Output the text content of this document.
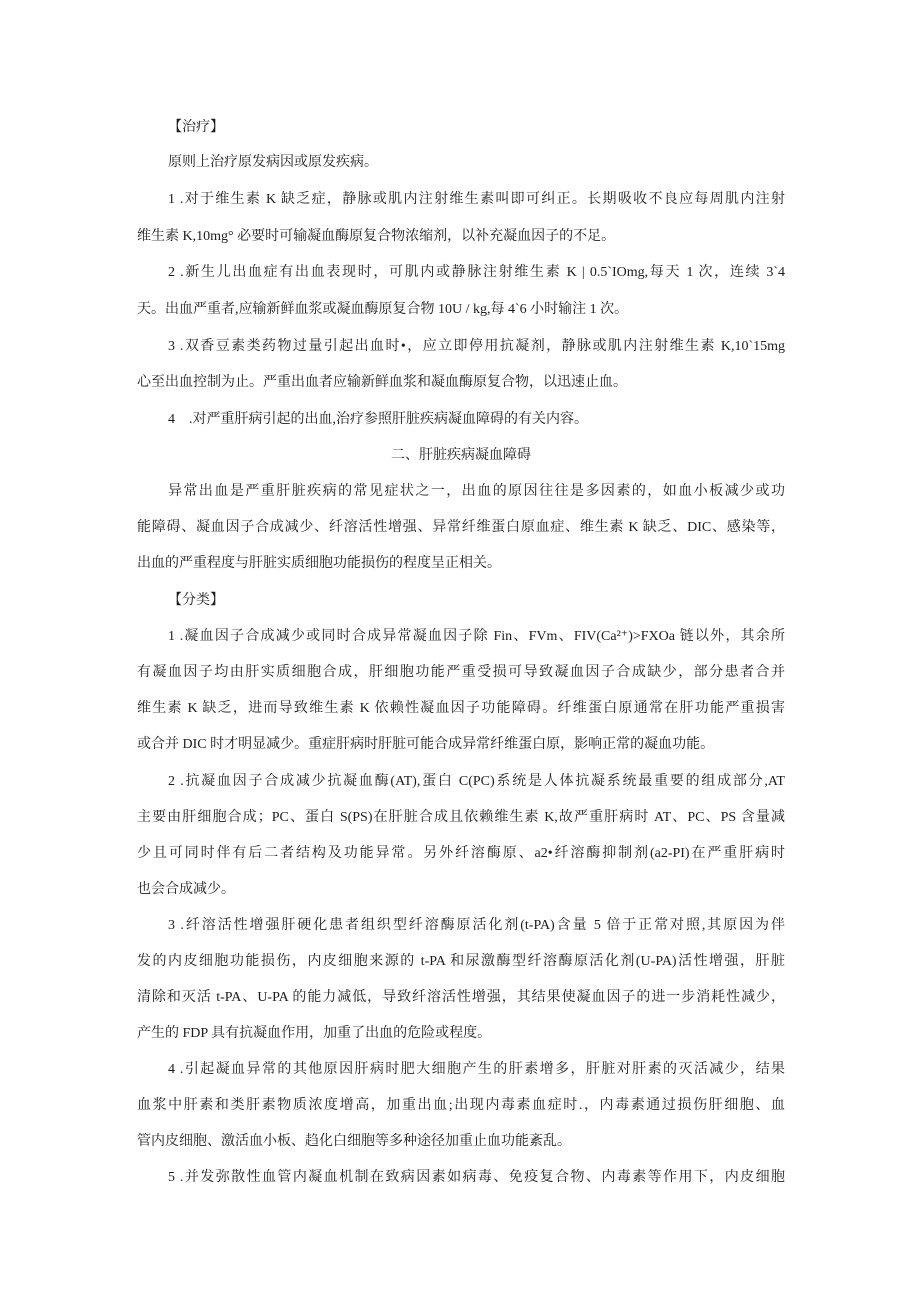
【治疗】
原则上治疗原发病因或原发疾病。
1 .对于维生素 K 缺乏症，静脉或肌内注射维生素叫即可纠正。长期吸收不良应每周肌内注射
维生素 K,10mg° 必要时可输凝血酶原复合物浓缩剂，以补充凝血因子的不足。
2 .新生儿出血症有出血表现时，可肌内或静脉注射维生素 K | 0.5`IOmg,每天 1 次，连续 3`4
天。出血严重者,应输新鲜血浆或凝血酶原复合物 10U / kg,每 4`6 小时输注 1 次。
3 .双香豆素类药物过量引起出血时•，应立即停用抗凝剂，静脉或肌内注射维生素 K,10`15mg
心至出血控制为止。严重出血者应输新鲜血浆和凝血酶原复合物，以迅速止血。
4    .对严重肝病引起的出血,治疗参照肝脏疾病凝血障碍的有关内容。
二、肝脏疾病凝血障碍
异常出血是严重肝脏疾病的常见症状之一，出血的原因往往是多因素的，如血小板减少或功
能障碍、凝血因子合成减少、纤溶活性增强、异常纤维蛋白原血症、维生素 K 缺乏、DIC、感染等，
出血的严重程度与肝脏实质细胞功能损伤的程度呈正相关。
【分类】
1 .凝血因子合成减少或同时合成异常凝血因子除 Fin、FVm、FIV(Ca²⁺)>FXOa 链以外，其余所
有凝血因子均由肝实质细胞合成，肝细胞功能严重受损可导致凝血因子合成缺少，部分患者合并
维生素 K 缺乏，进而导致维生素 K 依赖性凝血因子功能障碍。纤维蛋白原通常在肝功能严重损害
或合并 DIC 时才明显减少。重症肝病时肝脏可能合成异常纤维蛋白原，影响正常的凝血功能。
2 .抗凝血因子合成减少抗凝血酶(AT),蛋白 C(PC)系统是人体抗凝系统最重要的组成部分,AT
主要由肝细胞合成；PC、蛋白 S(PS)在肝脏合成且依赖维生素 K,故严重肝病时 AT、PC、PS 含量减
少且可同时伴有后二者结构及功能异常。另外纤溶酶原、a2•纤溶酶抑制剂(a2-PI)在严重肝病时
也会合成减少。
3 .纤溶活性增强肝硬化患者组织型纤溶酶原活化剂(t-PA)含量 5 倍于正常对照,其原因为伴
发的内皮细胞功能损伤，内皮细胞来源的 t-PA 和尿激酶型纤溶酶原活化剂(U-PA)活性增强，肝脏
清除和灭活 t-PA、U-PA 的能力减低，导致纤溶活性增强，其结果使凝血因子的进一步消耗性减少，
产生的 FDP 具有抗凝血作用，加重了出血的危险或程度。
4 .引起凝血异常的其他原因肝病时肥大细胞产生的肝素增多，肝脏对肝素的灭活减少，结果
血浆中肝素和类肝素物质浓度增高，加重出血;出现内毒素血症时.，内毒素通过损伤肝细胞、血
管内皮细胞、激活血小板、趋化白细胞等多种途径加重止血功能紊乱。
5 .并发弥散性血管内凝血机制在致病因素如病毒、免疫复合物、内毒素等作用下，内皮细胞
